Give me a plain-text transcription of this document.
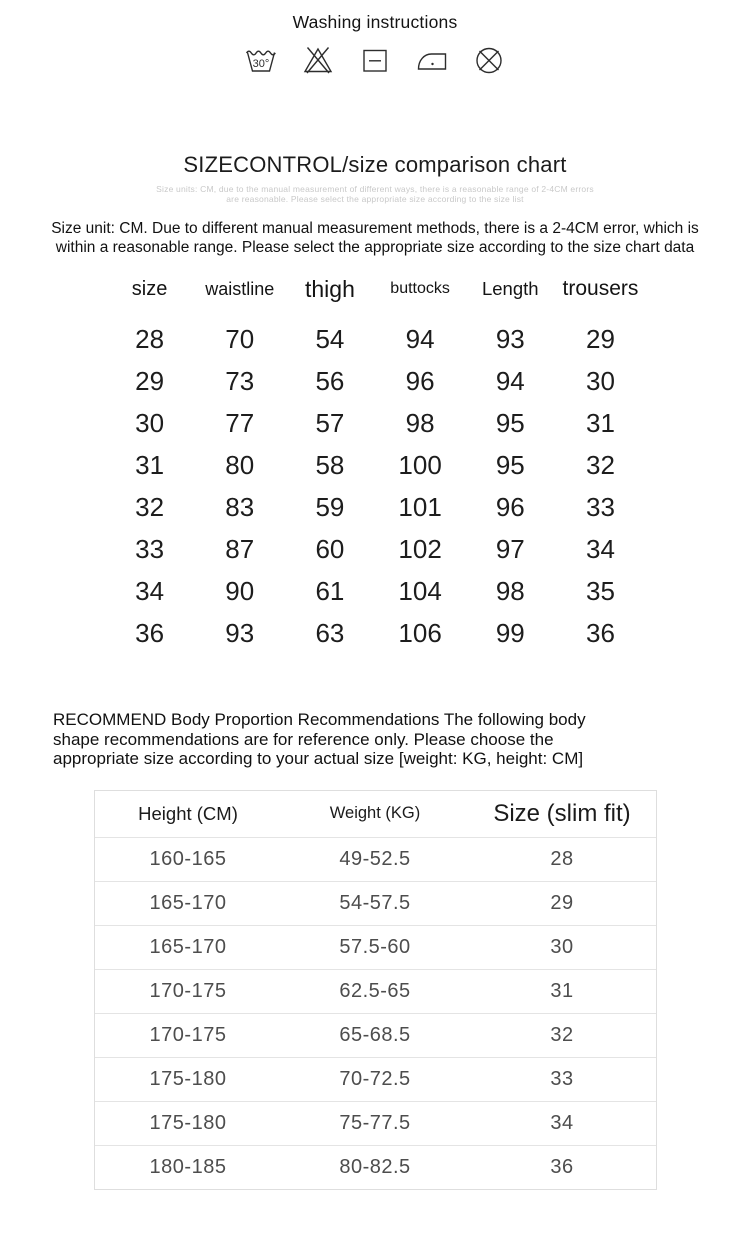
Washing instructions
30°
SIZECONTROL/size comparison chart
Size units: CM, due to the manual measurement of different ways, there is a reasonable range of 2-4CM errors
are reasonable. Please select the appropriate size according to the size list
Size unit: CM. Due to different manual measurement methods, there is a 2-4CM error, which is
within a reasonable range. Please select the appropriate size according to the size chart data
size	waistline	thigh	buttocks	Length	trousers
28	70	54	94	93	29
29	73	56	96	94	30
30	77	57	98	95	31
31	80	58	100	95	32
32	83	59	101	96	33
33	87	60	102	97	34
34	90	61	104	98	35
36	93	63	106	99	36
RECOMMEND Body Proportion Recommendations The following body
shape recommendations are for reference only. Please choose the
appropriate size according to your actual size [weight: KG, height: CM]
Height (CM)	Weight (KG)	Size (slim fit)
160-165	49-52.5	28
165-170	54-57.5	29
165-170	57.5-60	30
170-175	62.5-65	31
170-175	65-68.5	32
175-180	70-72.5	33
175-180	75-77.5	34
180-185	80-82.5	36
